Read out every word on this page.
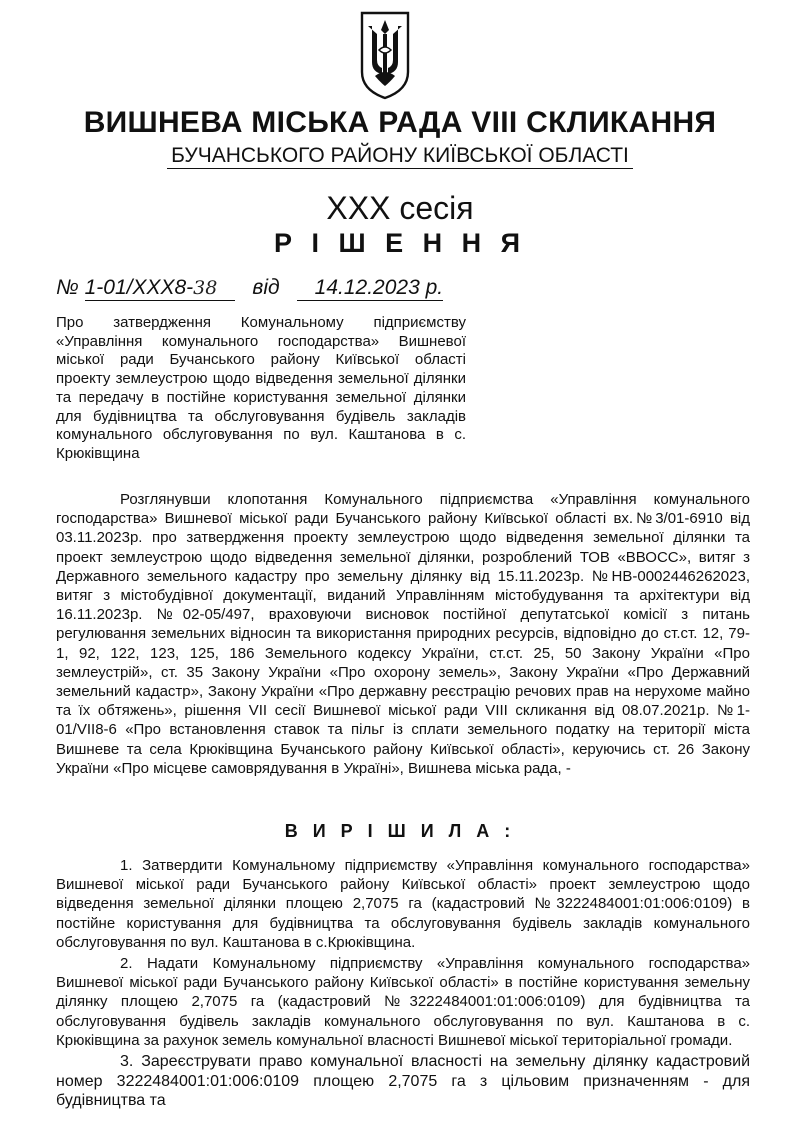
ВИШНЕВА МІСЬКА РАДА VIII СКЛИКАННЯ
БУЧАНСЬКОГО РАЙОНУ КИЇВСЬКОЇ ОБЛАСТІ
ХХХ сесія
Р І Ш Е Н Н Я
№ 1-01/XXX8-38 від 14.12.2023 р.
Про затвердження Комунальному підприємству «Управління комунального господарства» Вишневої міської ради Бучанського району Київської області проекту землеустрою щодо відведення земельної ділянки та передачу в постійне користування земельної ділянки для будівництва та обслуговування будівель закладів комунального обслуговування по вул. Каштанова в с. Крюківщина

Розглянувши клопотання Комунального підприємства «Управління комунального господарства» Вишневої міської ради Бучанського району Київської області вх.№3/01-6910 від 03.11.2023р. про затвердження проекту землеустрою щодо відведення земельної ділянки та проект землеустрою щодо відведення земельної ділянки, розроблений ТОВ «ВВОСС», витяг з Державного земельного кадастру про земельну ділянку від 15.11.2023р. №НВ-0002446262023, витяг з містобудівної документації, виданий Управлінням містобудування та архітектури від 16.11.2023р. №02-05/497, враховуючи висновок постійної депутатської комісії з питань регулювання земельних відносин та використання природних ресурсів, відповідно до ст.ст. 12, 79-1, 92, 122, 123, 125, 186 Земельного кодексу України, ст.ст. 25, 50 Закону України «Про землеустрій», ст. 35 Закону України «Про охорону земель», Закону України «Про Державний земельний кадастр», Закону України «Про державну реєстрацію речових прав на нерухоме майно та їх обтяжень», рішення VII сесії Вишневої міської ради VIII скликання від 08.07.2021р. №1-01/VII8-6 «Про встановлення ставок та пільг із сплати земельного податку на території міста Вишневе та села Крюківщина Бучанського району Київської області», керуючись ст. 26 Закону України «Про місцеве самоврядування в Україні», Вишнева міська рада, -

В И Р І Ш И Л А :

1. Затвердити Комунальному підприємству «Управління комунального господарства» Вишневої міської ради Бучанського району Київської області» проект землеустрою щодо відведення земельної ділянки площею 2,7075 га (кадастровий №3222484001:01:006:0109) в постійне користування для будівництва та обслуговування будівель закладів комунального обслуговування по вул. Каштанова в с.Крюківщина.

2. Надати Комунальному підприємству «Управління комунального господарства» Вишневої міської ради Бучанського району Київської області» в постійне користування земельну ділянку площею 2,7075 га (кадастровий №3222484001:01:006:0109) для будівництва та обслуговування будівель закладів комунального обслуговування по вул. Каштанова в с. Крюківщина за рахунок земель комунальної власності Вишневої міської територіальної громади.

3. Зареєструвати право комунальної власності на земельну ділянку кадастровий номер 3222484001:01:006:0109 площею 2,7075 га з цільовим призначенням - для будівництва та
